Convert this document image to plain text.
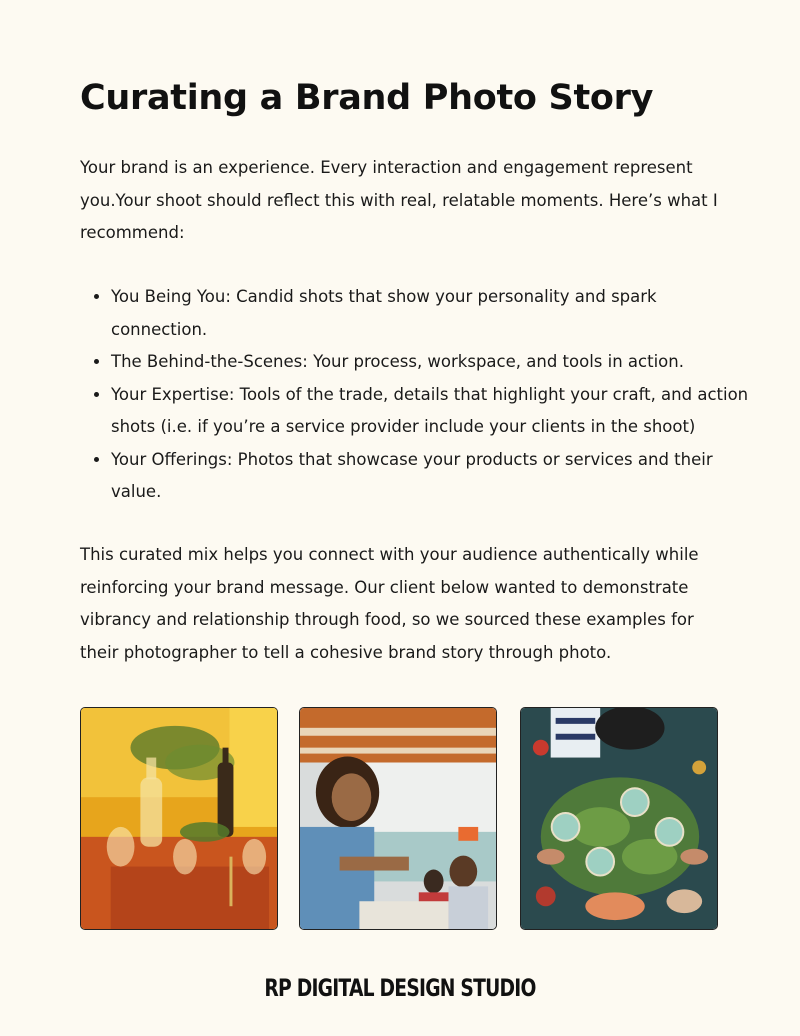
Curating a Brand Photo Story

Your brand is an experience. Every interaction and engagement represent you.Your shoot should reflect this with real, relatable moments. Here’s what I recommend:

• You Being You: Candid shots that show your personality and spark connection.
• The Behind-the-Scenes: Your process, workspace, and tools in action.
• Your Expertise: Tools of the trade, details that highlight your craft, and action shots (i.e. if you’re a service provider include your clients in the shoot)
• Your Offerings: Photos that showcase your products or services and their value.

This curated mix helps you connect with your audience authentically while reinforcing your brand message. Our client below wanted to demonstrate vibrancy and relationship through food, so we sourced these examples for their photographer to tell a cohesive brand story through photo.

RP DIGITAL DESIGN STUDIO
